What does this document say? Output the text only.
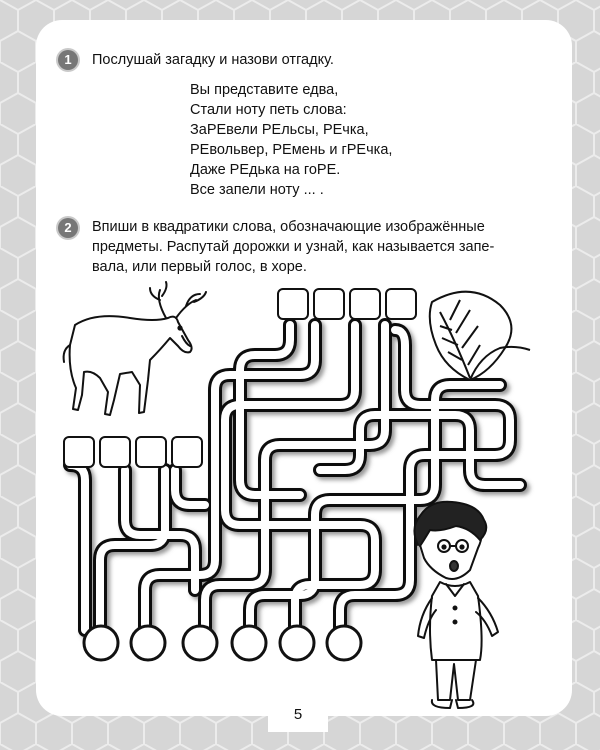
1	Послушай загадку и назови отгадку.
Вы представите едва,
Стали ноту петь слова:
ЗаРЕвели РЕльсы, РЕчка,
РЕвольвер, РЕмень и гРЕчка,
Даже РЕдька на гоРЕ.
Все запели ноту ... .
2	Впиши в квадратики слова, обозначающие изображённые
предметы. Распутай дорожки и узнай, как называется запе-
вала, или первый голос, в хоре.
5
